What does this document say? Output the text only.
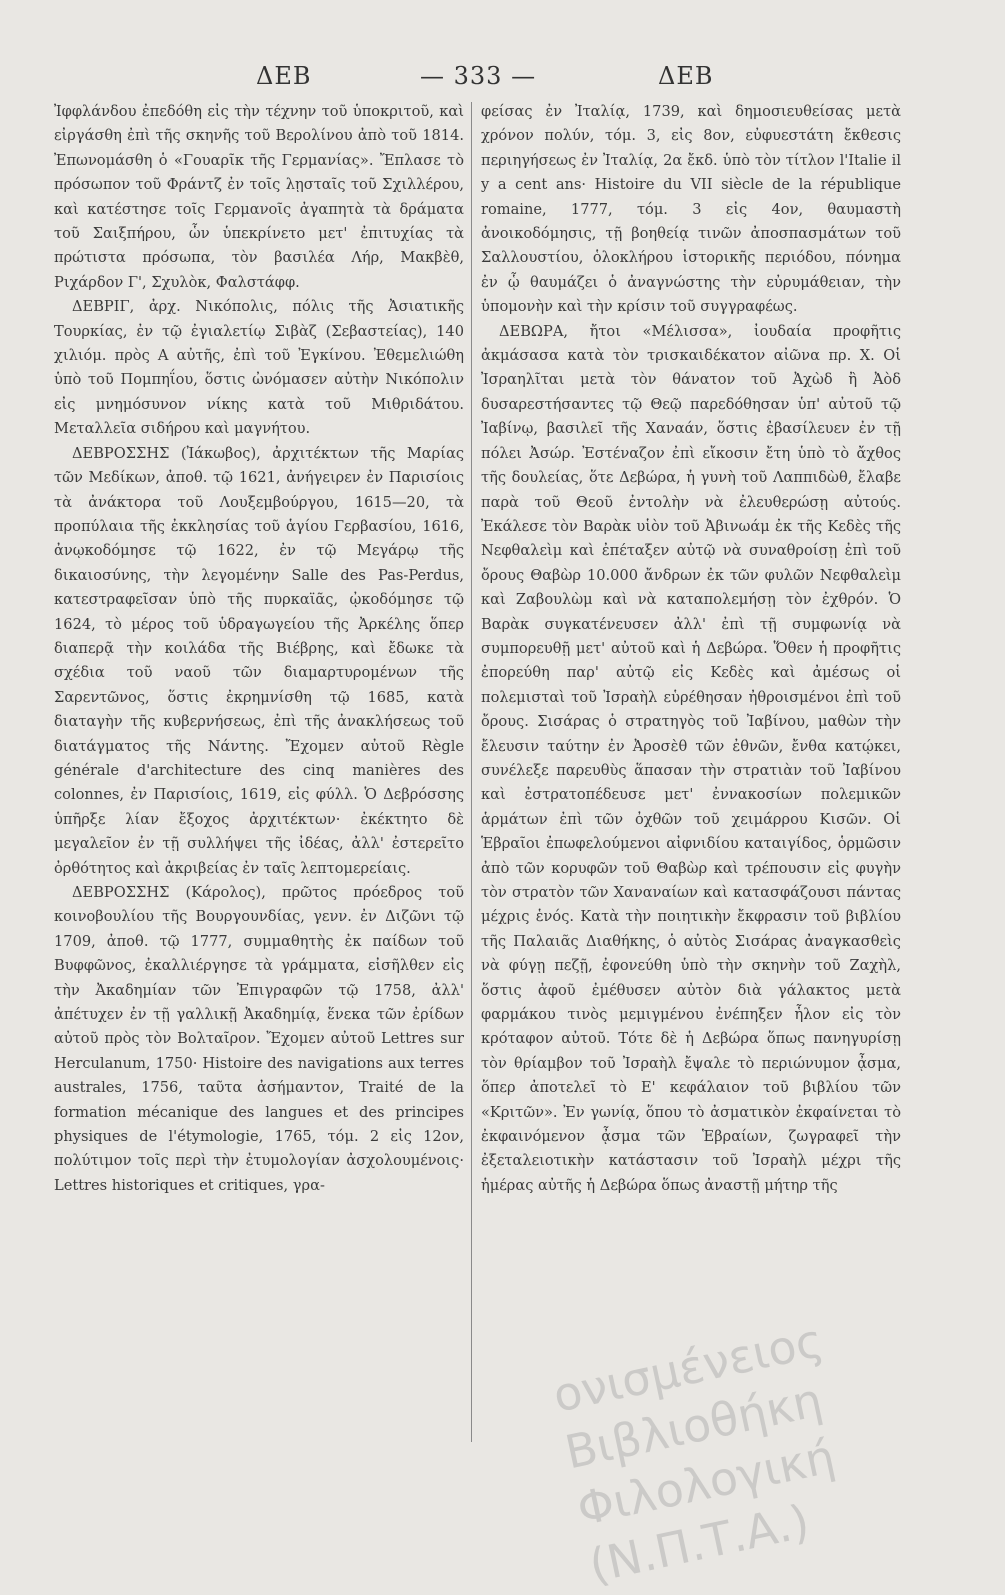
ΔΕΒ	— 333 —	ΔΕΒ

Ἰφφλάνδου ἐπεδόθη εἰς τὴν τέχνην τοῦ ὑποκριτοῦ, καὶ εἰργάσθη ἐπὶ τῆς σκηνῆς τοῦ Βερολίνου ἀπὸ τοῦ 1814. Ἐπωνομάσθη ὁ «Γουαρῖκ τῆς Γερμανίας». Ἔπλασε τὸ πρόσωπον τοῦ Φράντζ ἐν τοῖς λῃσταῖς τοῦ Σχιλλέρου, καὶ κατέστησε τοῖς Γερμανοῖς ἀγαπητὰ τὰ δράματα τοῦ Σαιξπήρου, ὧν ὑπεκρίνετο μετ' ἐπιτυχίας τὰ πρώτιστα πρόσωπα, τὸν βασιλέα Λήρ, Μακβὲθ, Ριχάρδον Γ', Σχυλὸκ, Φαλστάφφ.

ΔΕΒΡΙΓ, ἀρχ. Νικόπολις, πόλις τῆς Ἀσιατικῆς Τουρκίας, ἐν τῷ ἐγιαλετίῳ Σιβὰζ (Σεβαστείας), 140 χιλιόμ. πρὸς Α αὐτῆς, ἐπὶ τοῦ Ἐγκίνου. Ἐθεμελιώθη ὑπὸ τοῦ Πομπηΐου, ὅστις ὠνόμασεν αὐτὴν Νικόπολιν εἰς μνημόσυνον νίκης κατὰ τοῦ Μιθριδάτου. Μεταλλεῖα σιδήρου καὶ μαγνήτου.

ΔΕΒΡΟΣΣΗΣ (Ἰάκωβος), ἀρχιτέκτων τῆς Μαρίας τῶν Μεδίκων, ἀποθ. τῷ 1621, ἀνήγειρεν ἐν Παρισίοις τὰ ἀνάκτορα τοῦ Λουξεμβούργου, 1615—20, τὰ προπύλαια τῆς ἐκκλησίας τοῦ ἁγίου Γερβασίου, 1616, ἀνῳκοδόμησε τῷ 1622, ἐν τῷ Μεγάρῳ τῆς δικαιοσύνης, τὴν λεγομένην Salle des Pas-Perdus, κατεστραφεῖσαν ὑπὸ τῆς πυρκαϊᾶς, ᾠκοδόμησε τῷ 1624, τὸ μέρος τοῦ ὑδραγωγείου τῆς Ἀρκέλης ὅπερ διαπερᾷ τὴν κοιλάδα τῆς Βιέβρης, καὶ ἔδωκε τὰ σχέδια τοῦ ναοῦ τῶν διαμαρτυρομένων τῆς Σαρεντῶνος, ὅστις ἐκρημνίσθη τῷ 1685, κατὰ διαταγὴν τῆς κυβερνήσεως, ἐπὶ τῆς ἀνακλήσεως τοῦ διατάγματος τῆς Νάντης. Ἔχομεν αὐτοῦ Règle générale d'architecture des cinq manières des colonnes, ἐν Παρισίοις, 1619, εἰς φύλλ. Ὁ Δεβρόσσης ὑπῆρξε λίαν ἔξοχος ἀρχιτέκτων· ἐκέκτητο δὲ μεγαλεῖον ἐν τῇ συλλήψει τῆς ἰδέας, ἀλλ' ἐστερεῖτο ὀρθότητος καὶ ἀκριβείας ἐν ταῖς λεπτομερείαις.

ΔΕΒΡΟΣΣΗΣ (Κάρολος), πρῶτος πρόεδρος τοῦ κοινοβουλίου τῆς Βουργουνδίας, γενν. ἐν Διζῶνι τῷ 1709, ἀποθ. τῷ 1777, συμμαθητὴς ἐκ παίδων τοῦ Βυφφῶνος, ἐκαλλιέργησε τὰ γράμματα, εἰσῆλθεν εἰς τὴν Ἀκαδημίαν τῶν Ἐπιγραφῶν τῷ 1758, ἀλλ' ἀπέτυχεν ἐν τῇ γαλλικῇ Ἀκαδημίᾳ, ἕνεκα τῶν ἐρίδων αὐτοῦ πρὸς τὸν Βολταῖρον. Ἔχομεν αὐτοῦ Lettres sur Herculanum, 1750· Histoire des navigations aux terres australes, 1756, ταῦτα ἀσήμαντον, Traité de la formation mécanique des langues et des principes physiques de l'étymologie, 1765, τόμ. 2 εἰς 12ον, πολύτιμον τοῖς περὶ τὴν ἐτυμολογίαν ἀσχολουμένοις· Lettres historiques et critiques, γρα-

φείσας ἐν Ἰταλίᾳ, 1739, καὶ δημοσιευθείσας μετὰ χρόνον πολύν, τόμ. 3, εἰς 8ον, εὐφυεστάτη ἔκθεσις περιηγήσεως ἐν Ἰταλίᾳ, 2α ἔκδ. ὑπὸ τὸν τίτλον l'Italie il y a cent ans· Histoire du VII siècle de la république romaine, 1777, τόμ. 3 εἰς 4ον, θαυμαστὴ ἀνοικοδόμησις, τῇ βοηθείᾳ τινῶν ἀποσπασμάτων τοῦ Σαλλουστίου, ὁλοκλήρου ἱστορικῆς περιόδου, πόνημα ἐν ᾧ θαυμάζει ὁ ἀναγνώστης τὴν εὐρυμάθειαν, τὴν ὑπομονὴν καὶ τὴν κρίσιν τοῦ συγγραφέως.

ΔΕΒΩΡΑ, ἤτοι «Μέλισσα», ἰουδαία προφῆτις ἀκμάσασα κατὰ τὸν τρισκαιδέκατον αἰῶνα πρ. Χ. Οἱ Ἰσραηλῖται μετὰ τὸν θάνατον τοῦ Ἀχὼδ ἢ Ἀὸδ δυσαρεστήσαντες τῷ Θεῷ παρεδόθησαν ὑπ' αὐτοῦ τῷ Ἰαβίνῳ, βασιλεῖ τῆς Χαναάν, ὅστις ἐβασίλευεν ἐν τῇ πόλει Ἀσώρ. Ἐστέναζον ἐπὶ εἴκοσιν ἔτη ὑπὸ τὸ ἄχθος τῆς δουλείας, ὅτε Δεβώρα, ἡ γυνὴ τοῦ Λαππιδὼθ, ἔλαβε παρὰ τοῦ Θεοῦ ἐντολὴν νὰ ἐλευθερώσῃ αὐτούς. Ἐκάλεσε τὸν Βαρὰκ υἱὸν τοῦ Ἀβινωάμ ἐκ τῆς Κεδὲς τῆς Νεφθαλεὶμ καὶ ἐπέταξεν αὐτῷ νὰ συναθροίσῃ ἐπὶ τοῦ ὄρους Θαβὼρ 10.000 ἄνδρων ἐκ τῶν φυλῶν Νεφθαλεὶμ καὶ Ζαβουλὼμ καὶ νὰ καταπολεμήσῃ τὸν ἐχθρόν. Ὁ Βαρὰκ συγκατένευσεν ἀλλ' ἐπὶ τῇ συμφωνίᾳ νὰ συμπορευθῇ μετ' αὐτοῦ καὶ ἡ Δεβώρα. Ὅθεν ἡ προφῆτις ἐπορεύθη παρ' αὐτῷ εἰς Κεδὲς καὶ ἀμέσως οἱ πολεμισταὶ τοῦ Ἰσραὴλ εὑρέθησαν ἠθροισμένοι ἐπὶ τοῦ ὄρους. Σισάρας ὁ στρατηγὸς τοῦ Ἰαβίνου, μαθὼν τὴν ἔλευσιν ταύτην ἐν Ἀροσὲθ τῶν ἐθνῶν, ἔνθα κατῴκει, συνέλεξε παρευθὺς ἅπασαν τὴν στρατιὰν τοῦ Ἰαβίνου καὶ ἐστρατοπέδευσε μετ' ἐννακοσίων πολεμικῶν ἁρμάτων ἐπὶ τῶν ὀχθῶν τοῦ χειμάρρου Κισῶν. Οἱ Ἑβραῖοι ἐπωφελούμενοι αἰφνιδίου καταιγίδος, ὁρμῶσιν ἀπὸ τῶν κορυφῶν τοῦ Θαβὼρ καὶ τρέπουσιν εἰς φυγὴν τὸν στρατὸν τῶν Χαναναίων καὶ κατασφάζουσι πάντας μέχρις ἑνός. Κατὰ τὴν ποιητικὴν ἔκφρασιν τοῦ βιβλίου τῆς Παλαιᾶς Διαθήκης, ὁ αὐτὸς Σισάρας ἀναγκασθεὶς νὰ φύγῃ πεζῇ, ἐφονεύθη ὑπὸ τὴν σκηνὴν τοῦ Ζαχὴλ, ὅστις ἀφοῦ ἐμέθυσεν αὐτὸν διὰ γάλακτος μετὰ φαρμάκου τινὸς μεμιγμένου ἐνέπηξεν ἧλον εἰς τὸν κρόταφον αὐτοῦ. Τότε δὲ ἡ Δεβώρα ὅπως πανηγυρίσῃ τὸν θρίαμβον τοῦ Ἰσραὴλ ἔψαλε τὸ περιώνυμον ᾆσμα, ὅπερ ἀποτελεῖ τὸ Ε' κεφάλαιον τοῦ βιβλίου τῶν «Κριτῶν». Ἐν γωνίᾳ, ὅπου τὸ ἀσματικὸν ἐκφαίνεται τὸ ἐκφαινόμενον ᾆσμα τῶν Ἑβραίων, ζωγραφεῖ τὴν ἐξεταλειοτικὴν κατάστασιν τοῦ Ἰσραὴλ μέχρι τῆς ἡμέρας αὐτῆς ἡ Δεβώρα ὅπως ἀναστῇ μήτηρ τῆς

ονισμένειος Βιβλιοθήκη
Φιλολογική (Ν.Π.Τ.Α.)
